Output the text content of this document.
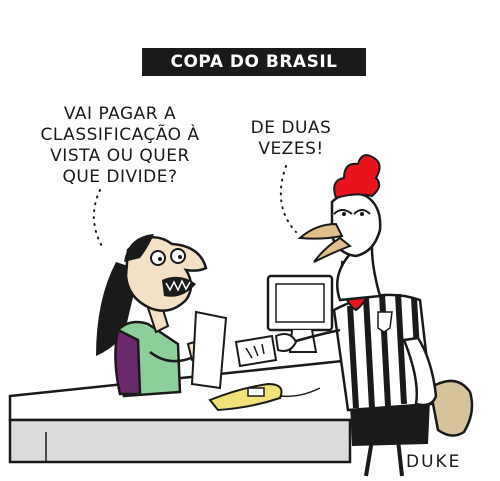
COPA DO BRASIL
VAI PAGAR A
CLASSIFICAÇÃO À
VISTA OU QUER
QUE DIVIDE?
DE DUAS
VEZES!
DUKE
